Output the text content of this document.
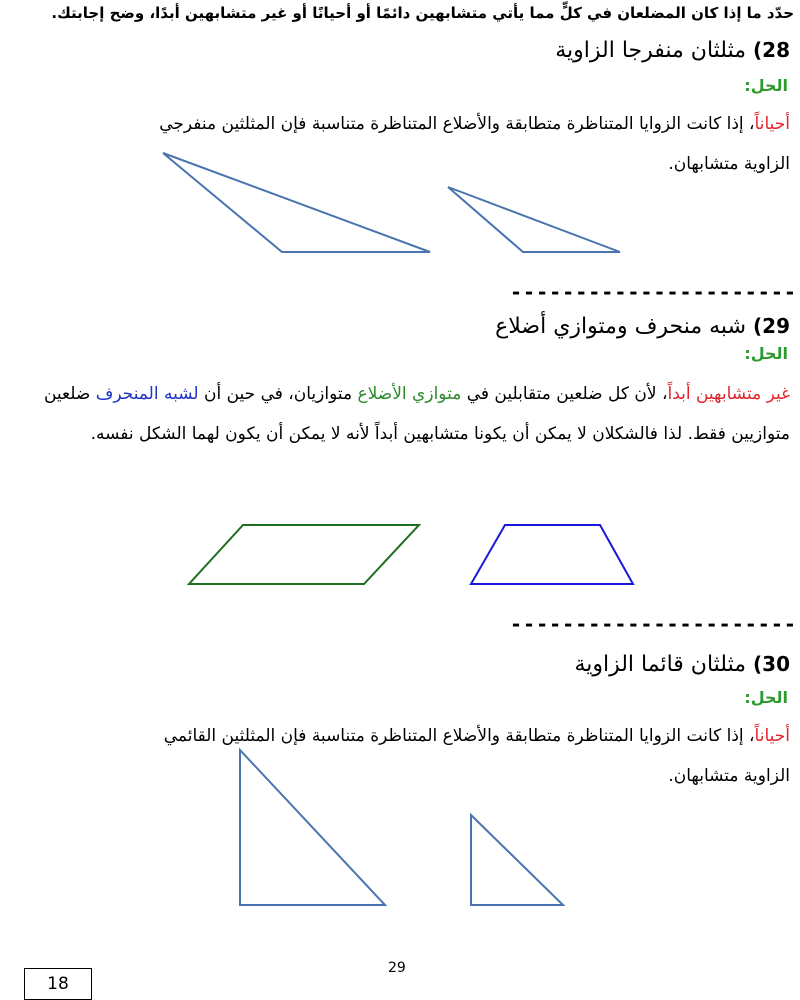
حدّد ما إذا كان المضلعان في كلٍّ مما يأتي متشابهين دائمًا أو أحيانًا أو غير متشابهين أبدًا، وضح إجابتك.
28) مثلثان منفرجا الزاوية
الحل:
أحياناً، إذا كانت الزوايا المتناظرة متطابقة والأضلاع المتناظرة متناسبة فإن المثلثين منفرجي
الزاوية متشابهان.
----------------------
29) شبه منحرف ومتوازي أضلاع
الحل:
غير متشابهين أبداً، لأن كل ضلعين متقابلين في متوازي الأضلاع متوازيان، في حين أن لشبه المنحرف ضلعين متوازيين فقط. لذا فالشكلان لا يمكن أن يكونا متشابهين أبداً لأنه لا يمكن أن يكون لهما الشكل نفسه.
----------------------
30) مثلثان قائما الزاوية
الحل:
أحياناً، إذا كانت الزوايا المتناظرة متطابقة والأضلاع المتناظرة متناسبة فإن المثلثين القائمي
الزاوية متشابهان.
29
18
